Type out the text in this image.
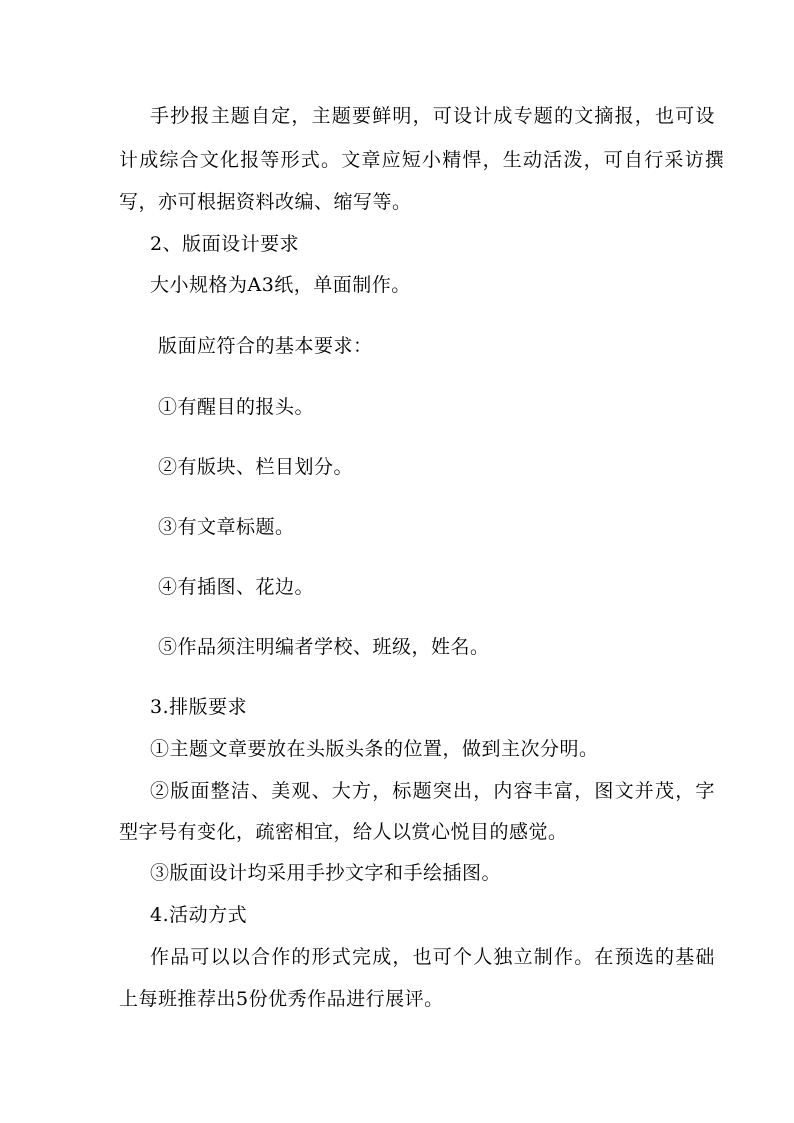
手抄报主题自定，主题要鲜明，可设计成专题的文摘报，也可设
计成综合文化报等形式。文章应短小精悍，生动活泼，可自行采访撰
写，亦可根据资料改编、缩写等。
2、版面设计要求
大小规格为A3纸，单面制作。
版面应符合的基本要求：
①有醒目的报头。
②有版块、栏目划分。
③有文章标题。
④有插图、花边。
⑤作品须注明编者学校、班级，姓名。
3.排版要求
①主题文章要放在头版头条的位置，做到主次分明。
②版面整洁、美观、大方，标题突出，内容丰富，图文并茂，字
型字号有变化，疏密相宜，给人以赏心悦目的感觉。
③版面设计均采用手抄文字和手绘插图。
4.活动方式
作品可以以合作的形式完成，也可个人独立制作。在预选的基础
上每班推荐出5份优秀作品进行展评。
